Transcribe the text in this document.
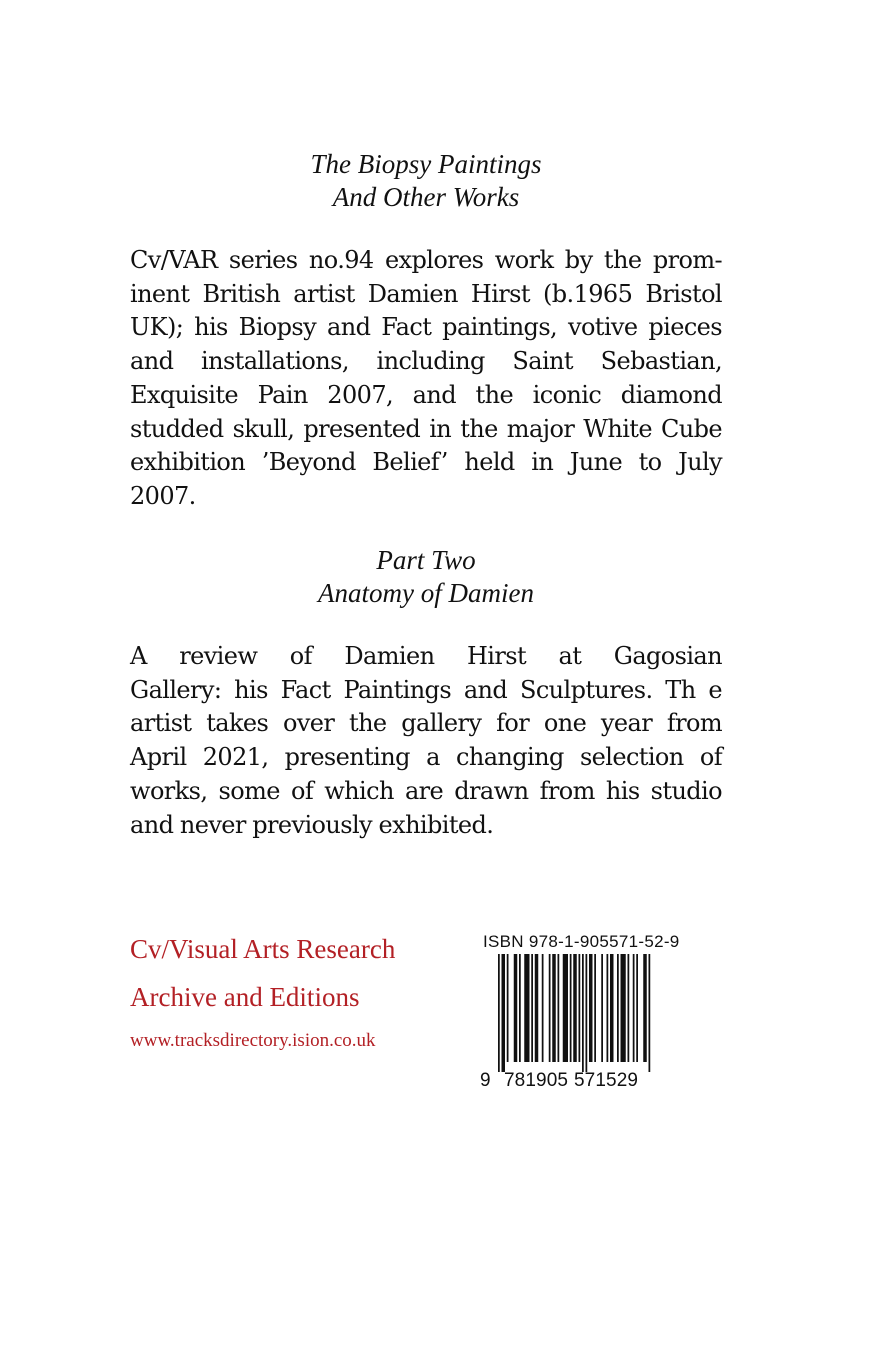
The Biopsy Paintings
And Other Works
Cv/VAR series no.94 explores work by the prom-
inent British artist Damien Hirst (b.1965 Bristol
UK); his Biopsy and Fact paintings, votive pieces
and installations, including Saint Sebastian,
Exquisite Pain 2007, and the iconic diamond
studded skull, presented in the major White Cube
exhibition ’Beyond Belief’ held in June to July
2007.
Part Two
Anatomy of Damien
A review of Damien Hirst at Gagosian
Gallery: his Fact Paintings and Sculptures. Th e
artist takes over the gallery for one year from
April 2021, presenting a changing selection of
works, some of which are drawn from his studio
and never previously exhibited.
Cv/Visual Arts Research
Archive and Editions
www.tracksdirectory.ision.co.uk
ISBN 978-1-905571-52-9
9 781905 571529
